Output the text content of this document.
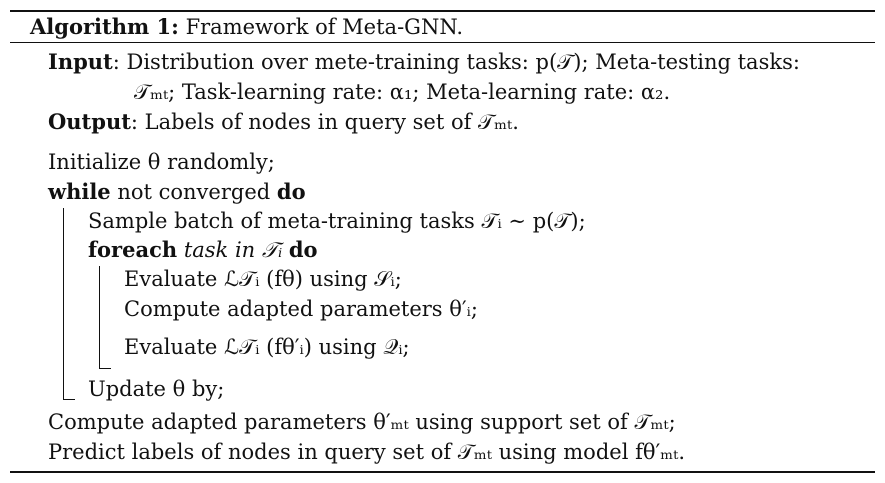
Algorithm 1: Framework of Meta-GNN.
Input: Distribution over mete-training tasks: p(𝒯); Meta-testing tasks:
𝒯ₘₜ; Task-learning rate: α₁; Meta-learning rate: α₂.
Output: Labels of nodes in query set of 𝒯ₘₜ.
Initialize θ randomly;
while not converged do
Sample batch of meta-training tasks 𝒯ᵢ ∼ p(𝒯);
foreach task in 𝒯ᵢ do
Evaluate ℒ𝒯ᵢ (fθ) using 𝒮ᵢ;
Compute adapted parameters θ′ᵢ;
Evaluate ℒ𝒯ᵢ (fθ′ᵢ) using 𝒬ᵢ;
Update θ by;
Compute adapted parameters θ′ₘₜ using support set of 𝒯ₘₜ;
Predict labels of nodes in query set of 𝒯ₘₜ using model fθ′ₘₜ.
